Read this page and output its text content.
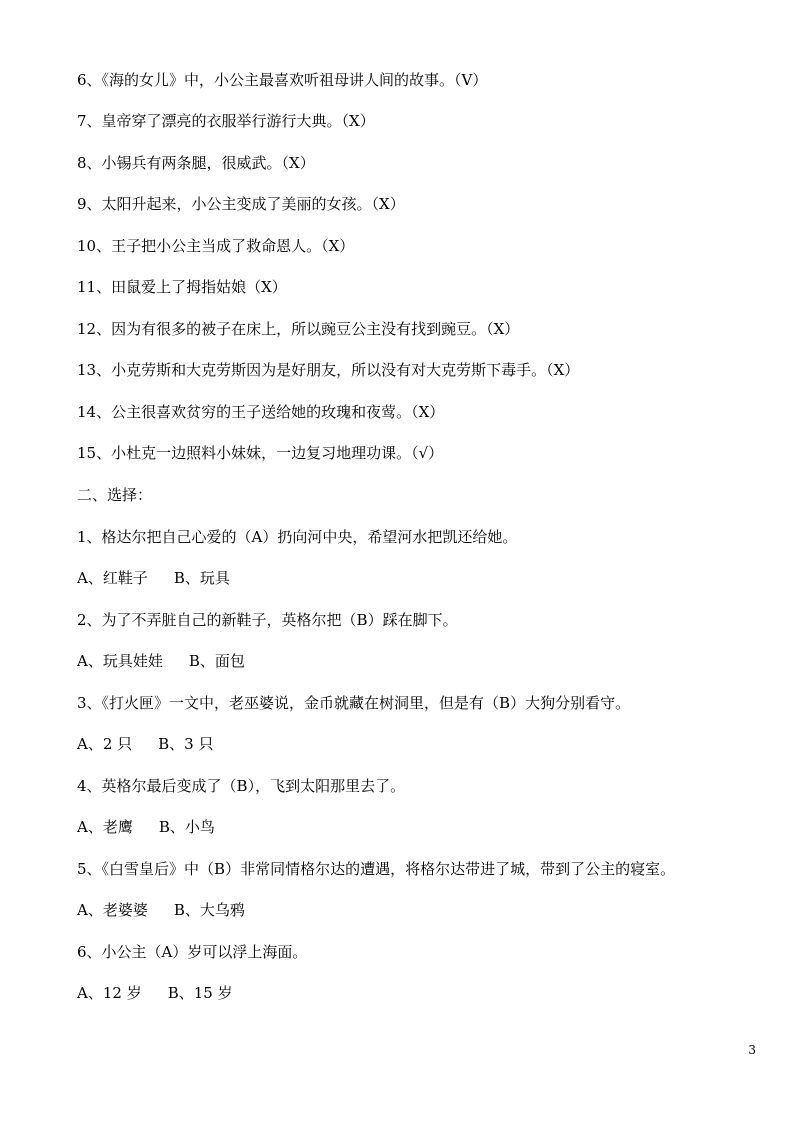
6、《海的女儿》中，小公主最喜欢听祖母讲人间的故事。（V）
7、皇帝穿了漂亮的衣服举行游行大典。（X）
8、小锡兵有两条腿，很威武。（X）
9、太阳升起来，小公主变成了美丽的女孩。（X）
10、王子把小公主当成了救命恩人。（X）
11、田鼠爱上了拇指姑娘（X）
12、因为有很多的被子在床上，所以豌豆公主没有找到豌豆。（X）
13、小克劳斯和大克劳斯因为是好朋友，所以没有对大克劳斯下毒手。（X）
14、公主很喜欢贫穷的王子送给她的玫瑰和夜莺。（X）
15、小杜克一边照料小妹妹，一边复习地理功课。（√）
二、选择：
1、格达尔把自己心爱的（A）扔向河中央，希望河水把凯还给她。
A、红鞋子 B、玩具
2、为了不弄脏自己的新鞋子，英格尔把（B）踩在脚下。
A、玩具娃娃 B、面包
3、《打火匣》一文中，老巫婆说，金币就藏在树洞里，但是有（B）大狗分别看守。
A、2 只 B、3 只
4、英格尔最后变成了（B），飞到太阳那里去了。
A、老鹰 B、小鸟
5、《白雪皇后》中（B）非常同情格尔达的遭遇，将格尔达带进了城，带到了公主的寝室。
A、老婆婆 B、大乌鸦
6、小公主（A）岁可以浮上海面。
A、12 岁 B、15 岁
3
